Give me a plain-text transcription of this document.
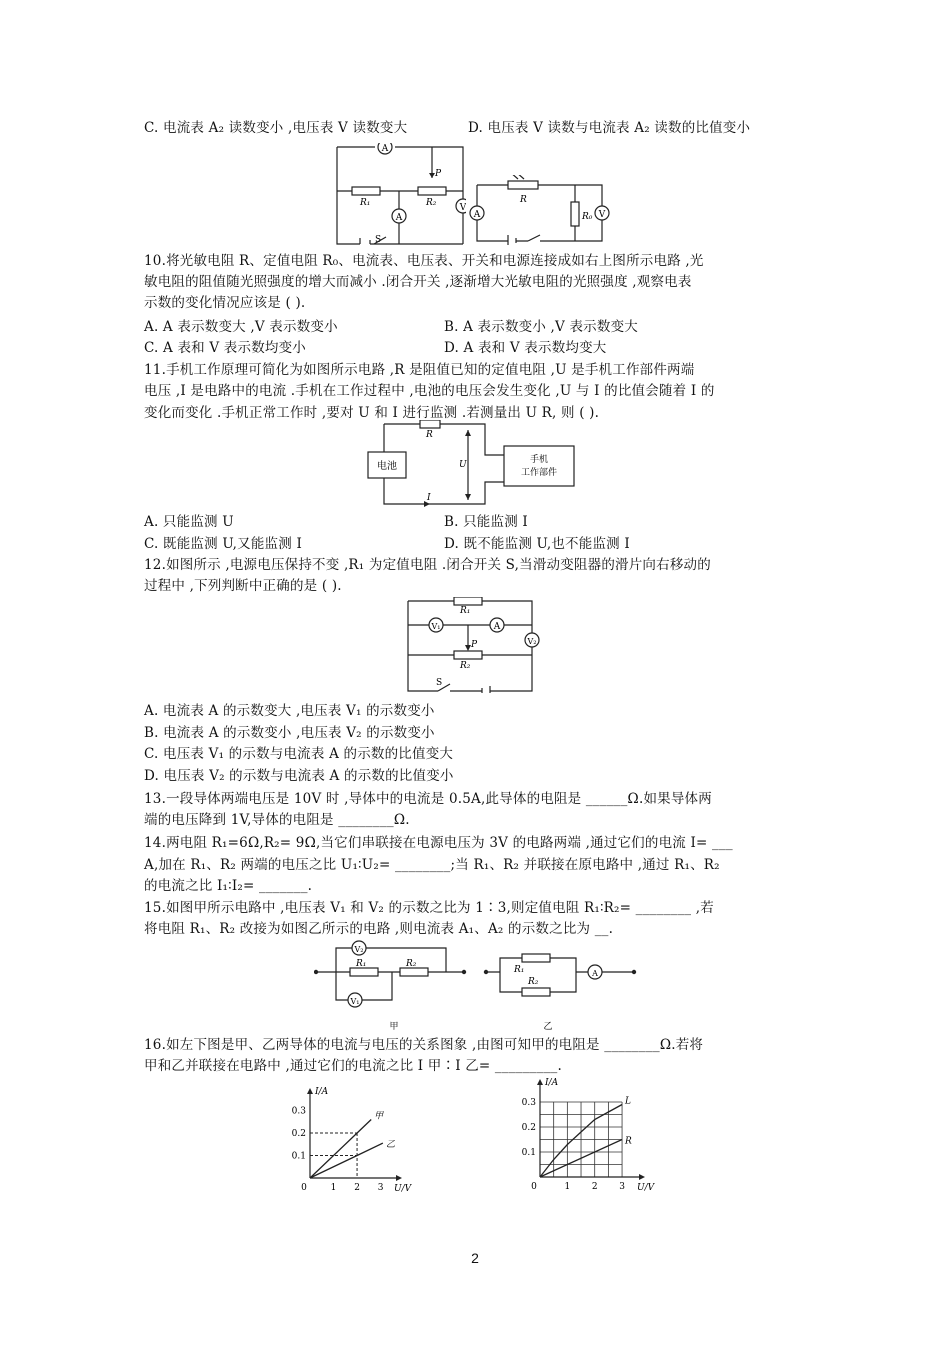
C. 电流表 A₂ 读数变小 ,电压表 V 读数变大	D. 电压表 V 读数与电流表 A₂ 读数的比值变小
A
A
V
R₁	R₂
P
S
A	V
R
R₀
10.将光敏电阻 R、定值电阻 R₀、电流表、电压表、开关和电源连接成如右上图所示电路 ,光
敏电阻的阻值随光照强度的增大而减小 .闭合开关 ,逐渐增大光敏电阻的光照强度 ,观察电表
示数的变化情况应该是 ( ).
A. A 表示数变大 ,V 表示数变小	B. A 表示数变小 ,V 表示数变大
C. A 表和 V 表示数均变小	D. A 表和 V 表示数均变大
11.手机工作原理可简化为如图所示电路 ,R 是阻值已知的定值电阻 ,U 是手机工作部件两端
电压 ,I 是电路中的电流 .手机在工作过程中 ,电池的电压会发生变化 ,U 与 I 的比值会随着 I 的
变化而变化 .手机正常工作时 ,要对 U 和 I 进行监测 .若测量出 U R, 则 ( ).
R
电池
手机
工作部件
U
I
A. 只能监测 U	B. 只能监测 I
C. 既能监测 U,又能监测 I	D. 既不能监测 U,也不能监测 I
12.如图所示 ,电源电压保持不变 ,R₁ 为定值电阻 .闭合开关 S,当滑动变阻器的滑片向右移动的
过程中 ,下列判断中正确的是 ( ).
V₁	A
V₂
R₁
R₂
P
S
A. 电流表 A 的示数变大 ,电压表 V₁ 的示数变小
B. 电流表 A 的示数变小 ,电压表 V₂ 的示数变小
C. 电压表 V₁ 的示数与电流表 A 的示数的比值变大
D. 电压表 V₂ 的示数与电流表 A 的示数的比值变小
13.一段导体两端电压是 10V 时 ,导体中的电流是 0.5A,此导体的电阻是 ______Ω.如果导体两
端的电压降到 1V,导体的电阻是 ________Ω.
14.两电阻 R₁=6Ω,R₂= 9Ω,当它们串联接在电源电压为 3V 的电路两端 ,通过它们的电流 I= ___
A,加在 R₁、R₂ 两端的电压之比 U₁∶U₂= ________;当 R₁、R₂ 并联接在原电路中 ,通过 R₁、R₂
的电流之比 I₁∶I₂= _______.
15.如图甲所示电路中 ,电压表 V₁ 和 V₂ 的示数之比为 1∶3,则定值电阻 R₁∶R₂= ________ ,若
将电阻 R₁、R₂ 改接为如图乙所示的电路 ,则电流表 A₁、A₂ 的示数之比为 __.
V₂
V₁
R₁	R₂
R₁
R₂
A
甲	乙
16.如左下图是甲、乙两导体的电流与电压的关系图象 ,由图可知甲的电阻是 ________Ω.若将
甲和乙并联接在电路中 ,通过它们的电流之比 I 甲∶I 乙= _________.
0	1 2 3
0.1
0.2
0.3
U/V
I/A
甲
乙
0	1 2 3
0.1
0.2
0.3
U/V
I/A
L
R
2
